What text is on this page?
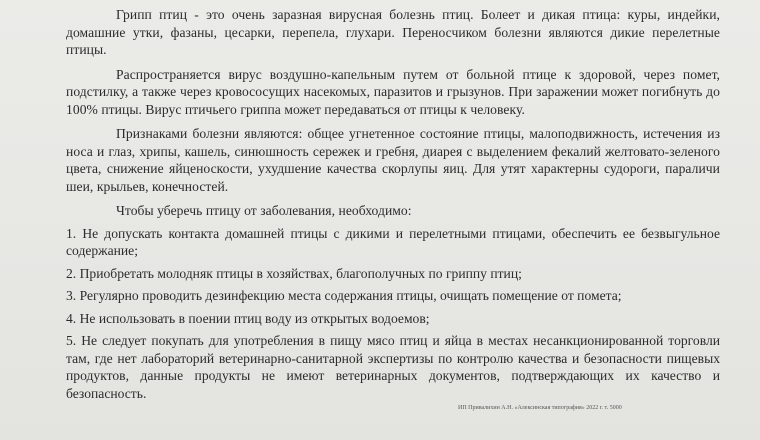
Грипп птиц - это очень заразная вирусная болезнь птиц. Болеет и дикая птица: куры, индейки, домашние утки, фазаны, цесарки, перепела, глухари. Переносчиком болезни являются дикие перелетные птицы.

Распространяется вирус воздушно-капельным путем от больной птице к здоровой, через помет, подстилку, а также через кровососущих насекомых, паразитов и грызунов. При заражении может погибнуть до 100% птицы. Вирус птичьего гриппа может передаваться от птицы к человеку.

Признаками болезни являются: общее угнетенное состояние птицы, малоподвижность, истечения из носа и глаз, хрипы, кашель, синюшность сережек и гребня, диарея с выделением фекалий желтовато-зеленого цвета, снижение яйценоскости, ухудшение качества скорлупы яиц. Для утят характерны судороги, параличи шеи, крыльев, конечностей.

Чтобы уберечь птицу от заболевания, необходимо:

1. Не допускать контакта домашней птицы с дикими и перелетными птицами, обеспечить ее безвыгульное содержание;

2. Приобретать молодняк птицы в хозяйствах, благополучных по гриппу птиц;

3. Регулярно проводить дезинфекцию места содержания птицы, очищать помещение от помета;

4. Не использовать в поении птиц воду из открытых водоемов;

5. Не следует покупать для употребления в пищу мясо птиц и яйца в местах несанкционированной торговли там, где нет лабораторий ветеринарно-санитарной экспертизы по контролю качества и безопасности пищевых продуктов, данные продукты не имеют ветеринарных документов, подтверждающих их качество и безопасность.

ИП Привалихин А.Н. «Алексинская типография» 2022 г. т. 5000
